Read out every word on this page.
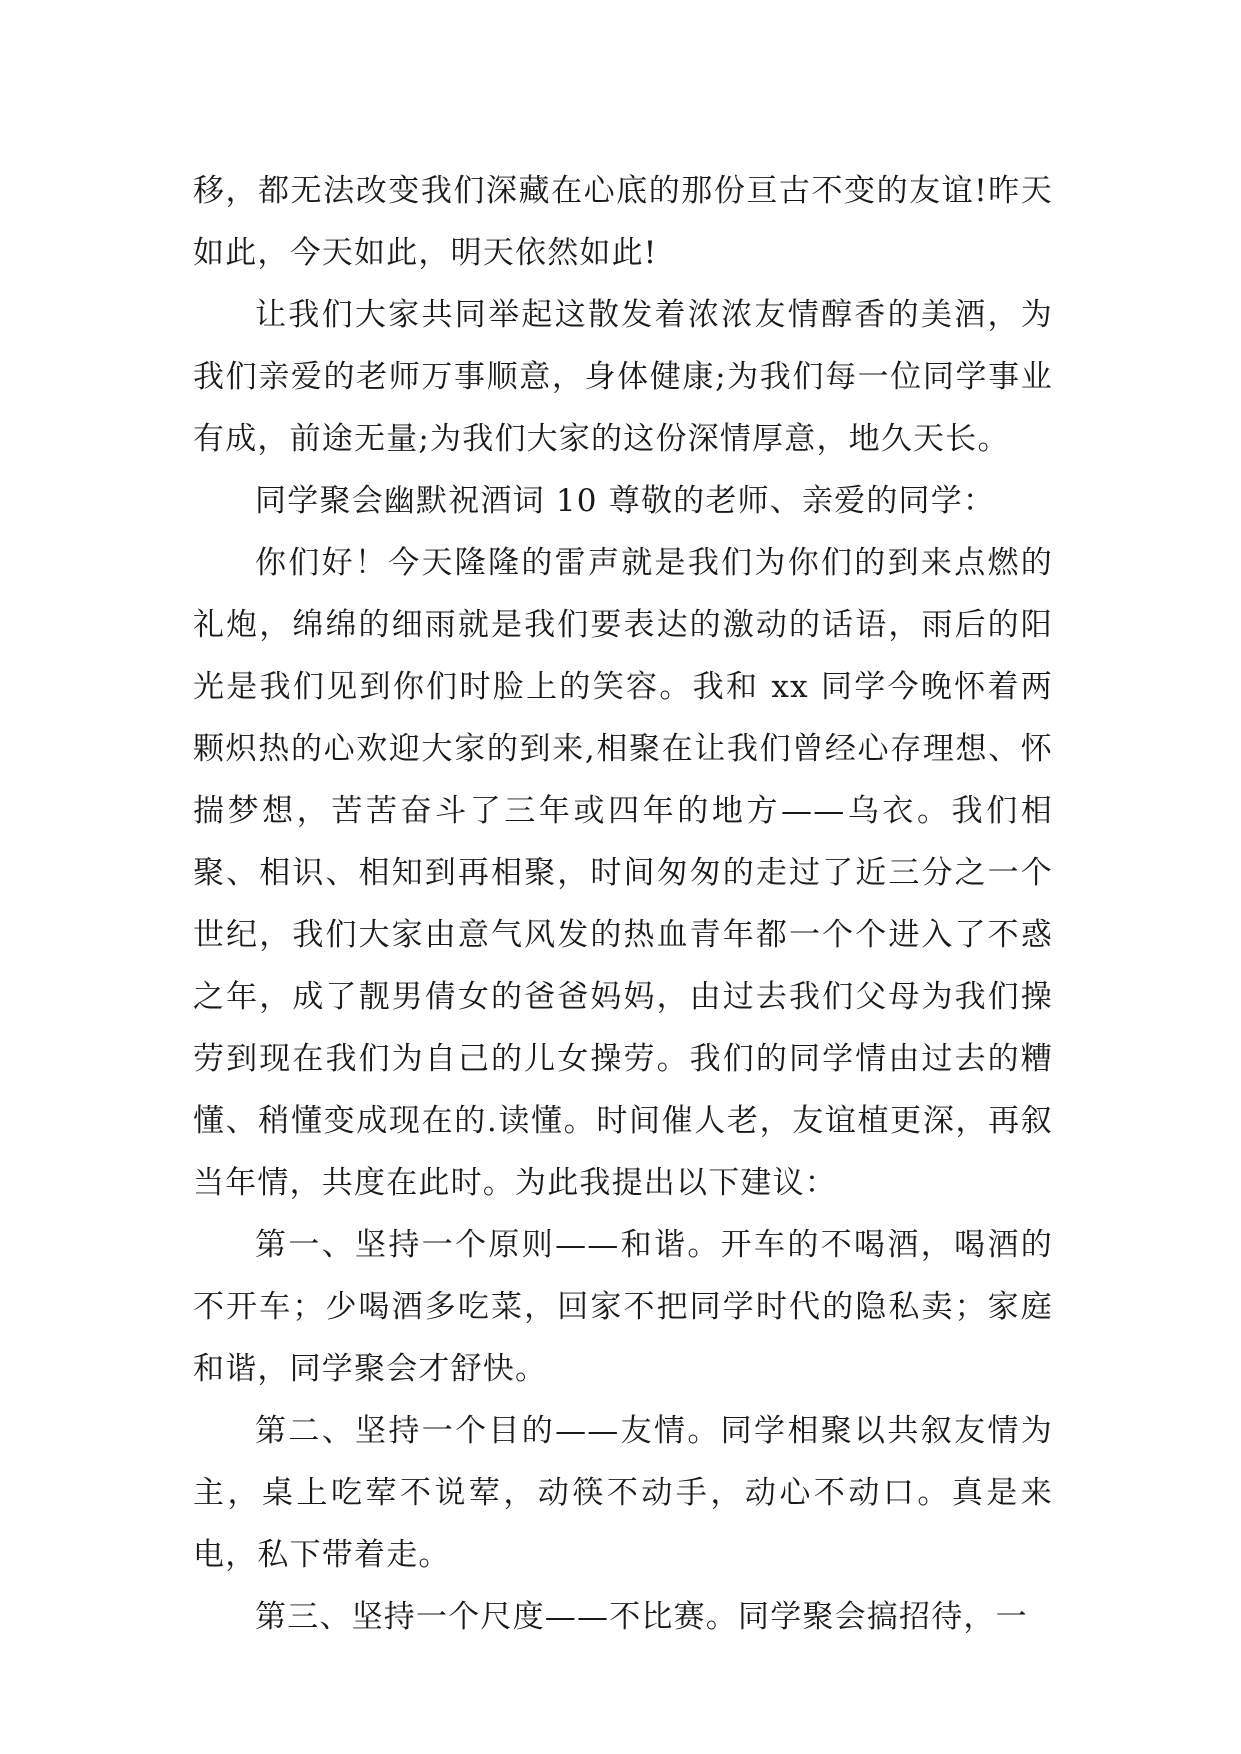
移，都无法改变我们深藏在心底的那份亘古不变的友谊!昨天如此，今天如此，明天依然如此!

让我们大家共同举起这散发着浓浓友情醇香的美酒，为我们亲爱的老师万事顺意，身体健康;为我们每一位同学事业有成，前途无量;为我们大家的这份深情厚意，地久天长。

同学聚会幽默祝酒词 10 尊敬的老师、亲爱的同学：

你们好！今天隆隆的雷声就是我们为你们的到来点燃的礼炮，绵绵的细雨就是我们要表达的激动的话语，雨后的阳光是我们见到你们时脸上的笑容。我和 xx 同学今晚怀着两颗炽热的心欢迎大家的到来,相聚在让我们曾经心存理想、怀揣梦想，苦苦奋斗了三年或四年的地方——乌衣。我们相聚、相识、相知到再相聚，时间匆匆的走过了近三分之一个世纪，我们大家由意气风发的热血青年都一个个进入了不惑之年，成了靓男倩女的爸爸妈妈，由过去我们父母为我们操劳到现在我们为自己的儿女操劳。我们的同学情由过去的糟懂、稍懂变成现在的.读懂。时间催人老，友谊植更深，再叙当年情，共度在此时。为此我提出以下建议：

第一、坚持一个原则——和谐。开车的不喝酒，喝酒的不开车；少喝酒多吃菜，回家不把同学时代的隐私卖；家庭和谐，同学聚会才舒快。

第二、坚持一个目的——友情。同学相聚以共叙友情为主，桌上吃荤不说荤，动筷不动手，动心不动口。真是来电，私下带着走。

第三、坚持一个尺度——不比赛。同学聚会搞招待，一
